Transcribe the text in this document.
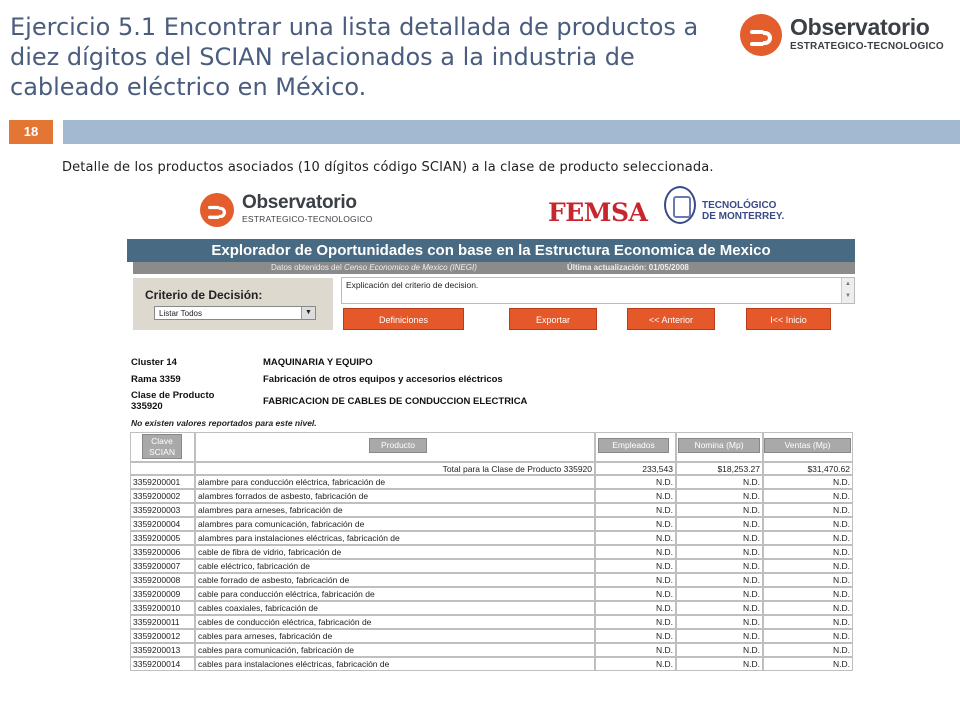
Ejercicio 5.1 Encontrar una lista detallada de productos a diez dígitos del SCIAN relacionados a la industria de cableado eléctrico en México.
Observatorio
ESTRATEGICO-TECNOLOGICO
18
Detalle de los productos asociados (10 dígitos código SCIAN) a la clase de producto seleccionada.
Observatorio
ESTRATEGICO-TECNOLOGICO	FEMSA	TECNOLÓGICO
DE MONTERREY.
Explorador de Oportunidades con base en la Estructura Economica de Mexico
Datos obtenidos del Censo Economico de Mexico (INEGI)	Última actualización: 01/05/2008
Criterio de Decisión:
Listar Todos	▼
Explicación del criterio de decision.	▲
▼
Definiciones	Exportar	<< Anterior	I<< Inicio
Cluster 14	MAQUINARIA Y EQUIPO
Rama 3359	Fabricación de otros equipos y accesorios eléctricos
Clase de Producto
335920	FABRICACION DE CABLES DE CONDUCCION ELECTRICA
No existen valores reportados para este nivel.
Clave
SCIAN
Producto	Empleados	Nomina (Mp)	Ventas (Mp)
Total para la Clase de Producto 335920	233,543	$18,253.27	$31,470.62
3359200001	alambre para conducción eléctrica, fabricación de	N.D.	N.D.	N.D.
3359200002	alambres forrados de asbesto, fabricación de	N.D.	N.D.	N.D.
3359200003	alambres para arneses, fabricación de	N.D.	N.D.	N.D.
3359200004	alambres para comunicación, fabricación de	N.D.	N.D.	N.D.
3359200005	alambres para instalaciones eléctricas, fabricación de	N.D.	N.D.	N.D.
3359200006	cable de fibra de vidrio, fabricación de	N.D.	N.D.	N.D.
3359200007	cable eléctrico, fabricación de	N.D.	N.D.	N.D.
3359200008	cable forrado de asbesto, fabricación de	N.D.	N.D.	N.D.
3359200009	cable para conducción eléctrica, fabricación de	N.D.	N.D.	N.D.
3359200010	cables coaxiales, fabricación de	N.D.	N.D.	N.D.
3359200011	cables de conducción eléctrica, fabricación de	N.D.	N.D.	N.D.
3359200012	cables para arneses, fabricación de	N.D.	N.D.	N.D.
3359200013	cables para comunicación, fabricación de	N.D.	N.D.	N.D.
3359200014	cables para instalaciones eléctricas, fabricación de	N.D.	N.D.	N.D.
